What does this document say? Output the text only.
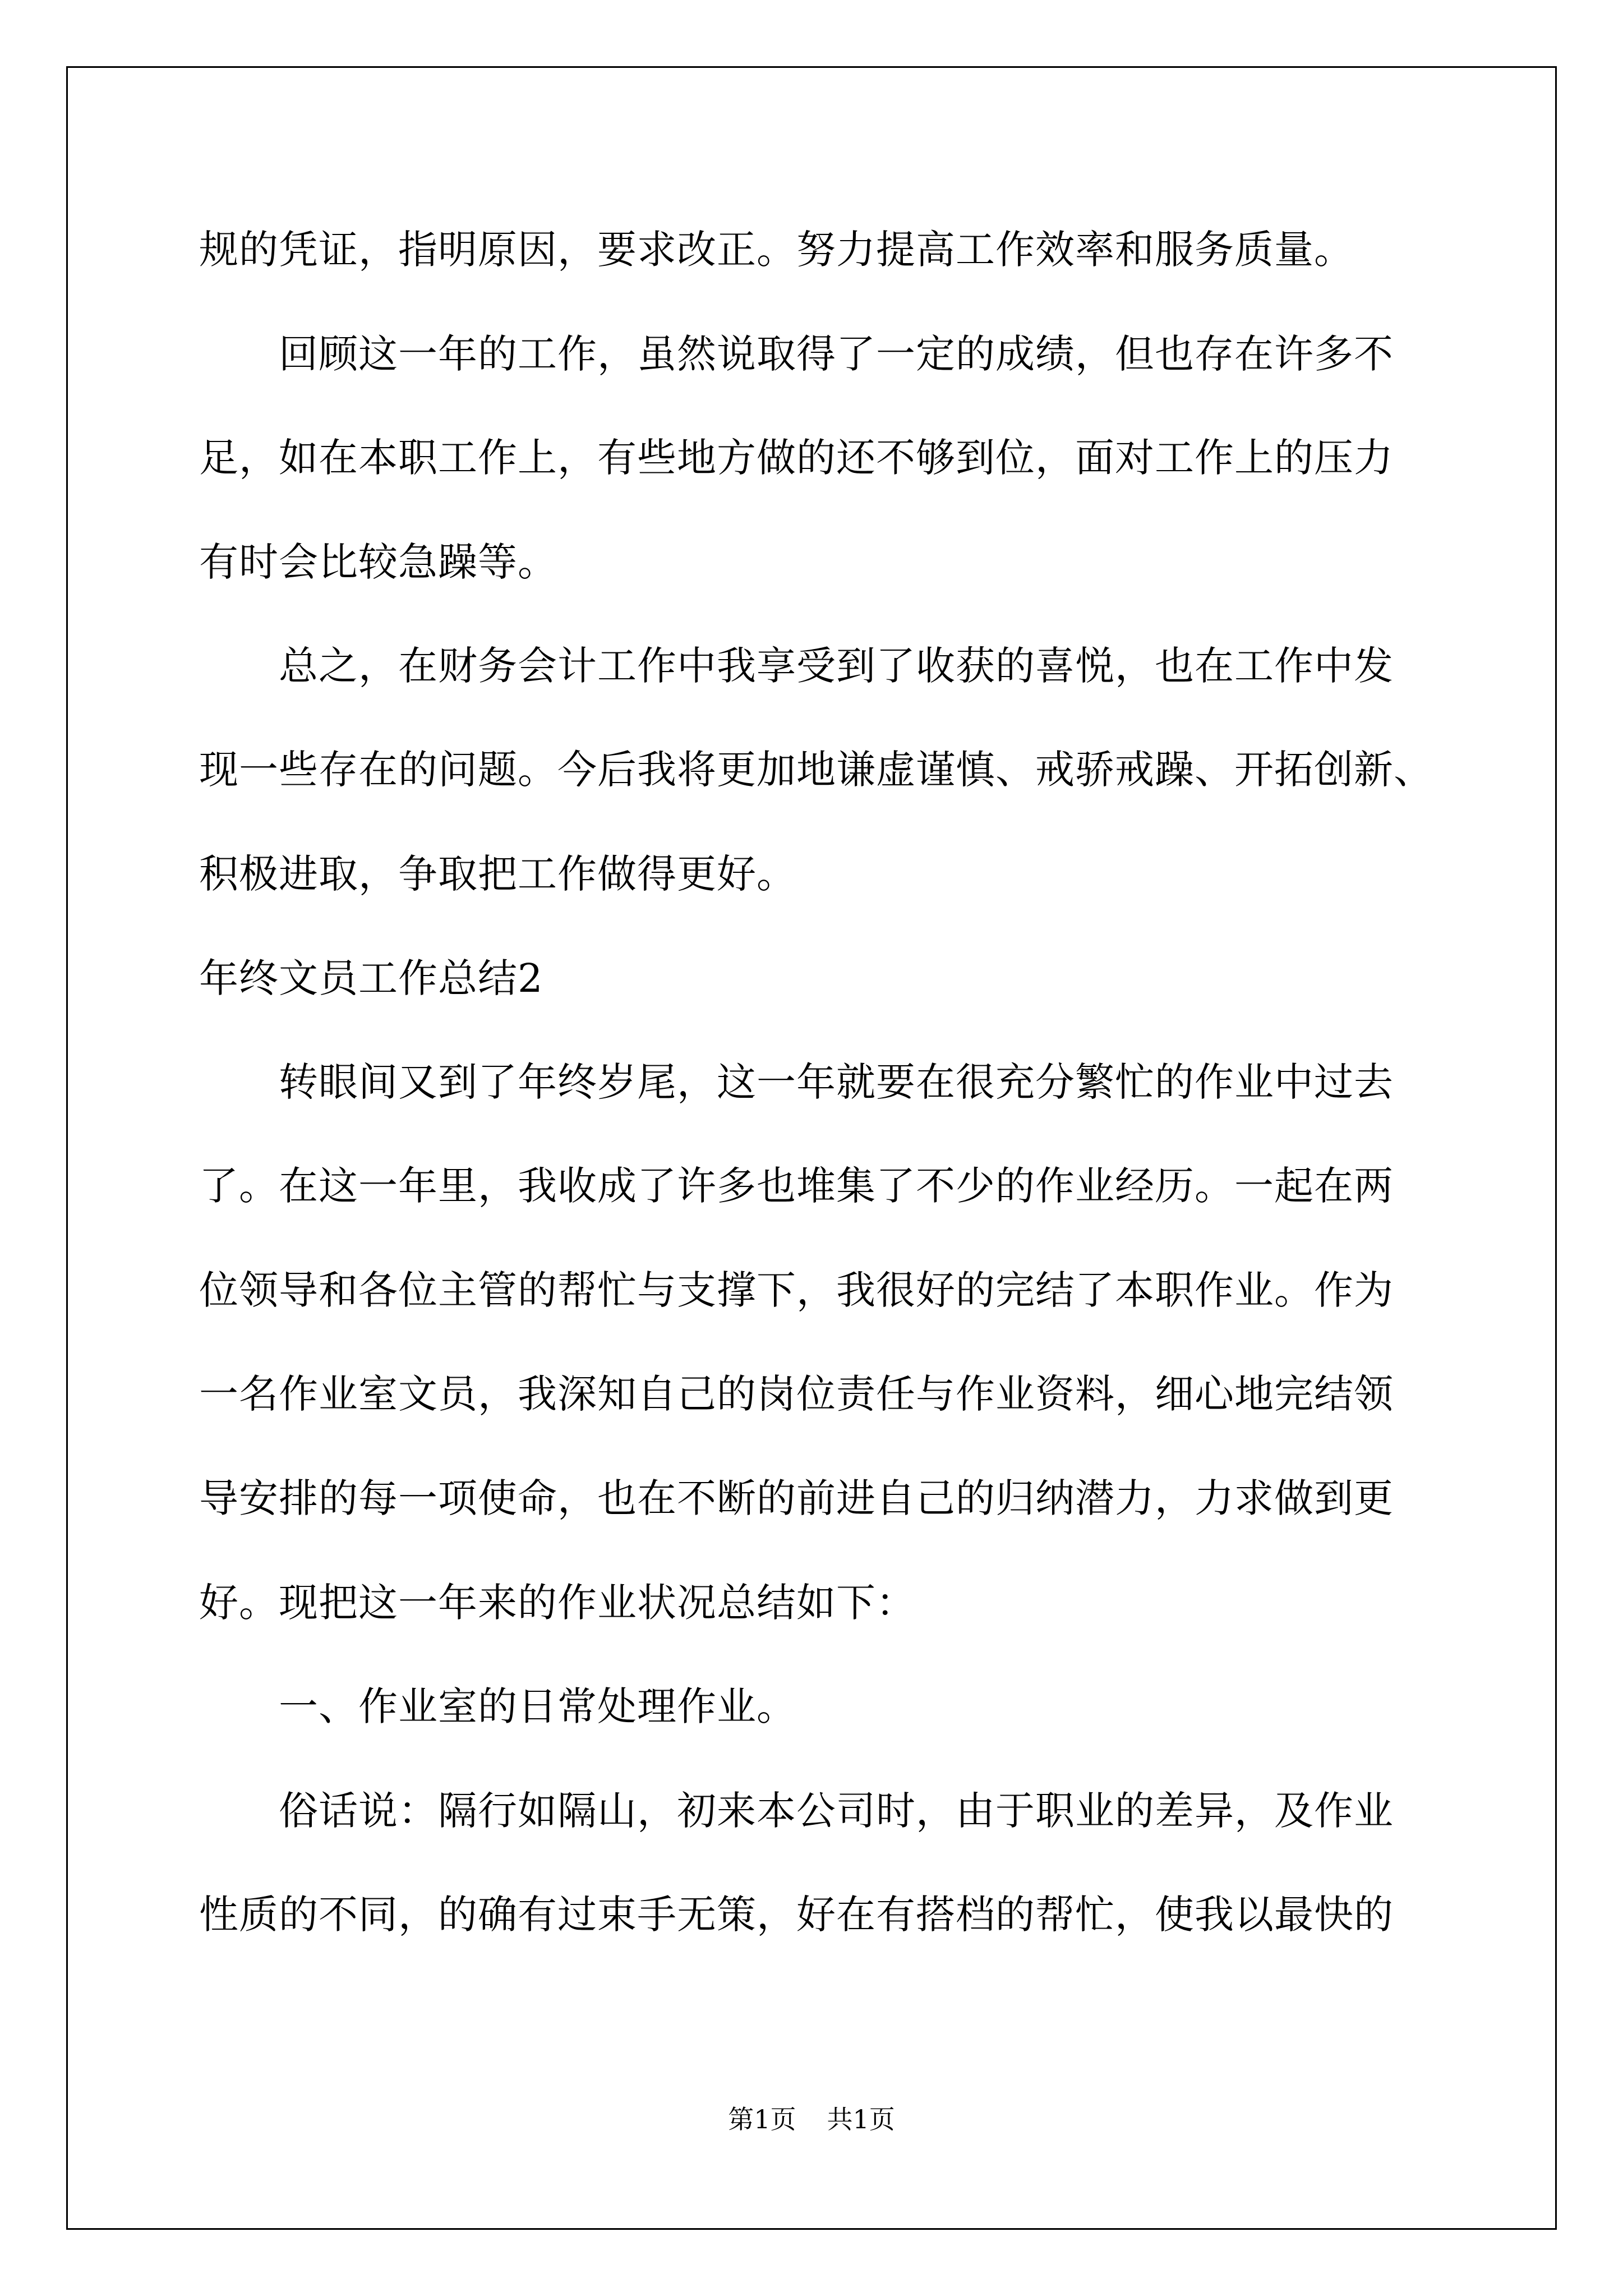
规的凭证，指明原因，要求改正。努力提高工作效率和服务质量。

　　回顾这一年的工作，虽然说取得了一定的成绩，但也存在许多不

足，如在本职工作上，有些地方做的还不够到位，面对工作上的压力

有时会比较急躁等。

　　总之，在财务会计工作中我享受到了收获的喜悦，也在工作中发

现一些存在的问题。今后我将更加地谦虚谨慎、戒骄戒躁、开拓创新、

积极进取，争取把工作做得更好。

年终文员工作总结2

　　转眼间又到了年终岁尾，这一年就要在很充分繁忙的作业中过去

了。在这一年里，我收成了许多也堆集了不少的作业经历。一起在两

位领导和各位主管的帮忙与支撑下，我很好的完结了本职作业。作为

一名作业室文员，我深知自己的岗位责任与作业资料，细心地完结领

导安排的每一项使命，也在不断的前进自己的归纳潜力，力求做到更

好。现把这一年来的作业状况总结如下：

　　一、作业室的日常处理作业。

　　俗话说：隔行如隔山，初来本公司时，由于职业的差异，及作业

性质的不同，的确有过束手无策，好在有搭档的帮忙，使我以最快的

第1页 共1页
